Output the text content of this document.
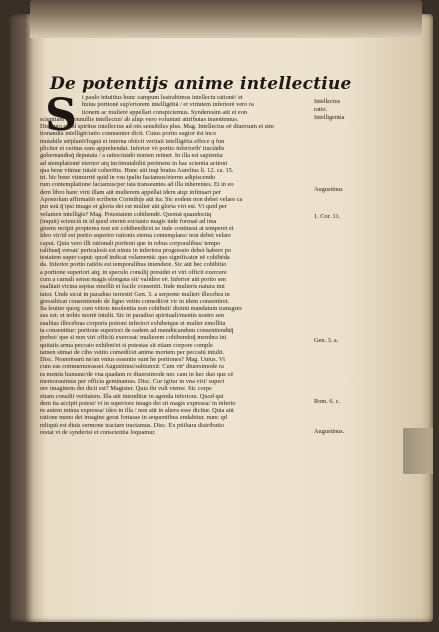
De potentijs anime intellectiue
S i paulo intuitius hunc campum lustrabimus intellectu rationē/ et
huius portionē sup'eriorem intelligētiā / et virtutem inferiorē vero ra
tionem ac mulierē appellari conspiciemus. Synderesim aūt et eon
scientiam a nonnullis intellectui/ ab aliqs vero voluntati attributas inueniemus.
Dic ergo quod spiritus intellectus ad oēs sensibiles plus. Mag. Intellectus eē diuersum et sim
tionandia intelligit/ratio connuenter dicit. Cuius portio sugior ēst inco
mutabile stēplanō/fugnā et interna obiicit veritati intelligētia effece q fun
pliciter et certius eam apprehendat. Inferior vō portio inferiorib' tractādis
gubernandisq̄ deputata / a ratiocinādo nomen retinet. In illa est sapientia
ad stemplationē eternor atq incōmutabiliū pertinens in hac scientia actioni
qua bene vtimur trāsiē coherētis. Hunc aūt inqt bratus Aurelius li. 12. ca. 15.
tri. hic bene vtimurrtē quid in vsu tpaliu faciamus/eterno adipiscendo
rum contemplatione faciamus/per ista transeuntes ad illa inherentes. Et in eo
dem libro hanc virū illam aūt mulierem appellat idem atqz infinuari per
Apostolum affirmatiō scribens Corinthijs aūt ita: Sīc eodem non debet velare ca
put suū q̄ ipsi imago et gloria dei est mulier aūt gloria viri est. Vt quid per
velamen intelligis? Mag. Potestatem cohibendē. Quomā quandocūq
(inquit) scienciā in id quod eternū est/tanto magis inde formaē ad ima
ginem recipit propterea non est cohibendū/et se inde contineat at temperet et
Ideo vir/id est portio superior rationis eterna contemplans/ non debet velare
caput. Quia vero illi rationali portioni que in rebus corporalibus/ tempo
ralibusq̄ versat/ periculosū est nimis in inferiora progressio debet habere po
testatem super caput: quod indicat velamentū: quo significatur eē cohibēda
da. Inferior portio ratiōis est temporalibus intendere. Sic aūt hec cohibitio
a portione superiori atq; in speculo consilij presidet et viri officii exercere
cum a carnali sensu magis elongata sit/ validior eē. Inferior aūt portio sen
sualitati vicina sepius emollit et facile consentit. Inde mulieris natura imi
tator. Unde sicut in paradiso terrestri Gen. 3. a serpente mulieri illecebra in
gressibicat consentiendo de ligno vetito comedit/et vir in idem consentiret.
Ita leuiter quoq; cum vētois insolentia non cohibuit/ diuinū mandatum transgres
sus est: et nobis mortē intulit. Sic in paradiso spirituali/mentis nostre sen
sualitas illecebras corporis potioni inferiori exhibetque et mulier emollita
ta consentitur: portione superiori de eadem ad mandūcandum consentiendūq̄
prebet/ que si non viri officiū exerceat/ mulierem cohibendoq̄ membra ini
quitatis arma peccato exhibet/et si potestas sit etiam corpore comple
tamen sūmat de cibo vetito comedit/et anime mortem per peccatū intulit.
Disc. Nouerēsarū ne/an vnius essentie sunt he portiones? Mag. Unius. Vt
cum eas commemorasset Augustinus/subiunxit: Cum vtr' diuersimode ra
ra mentis humane/de vna quadam re diuersimode nec cam in hec duo que cē
memorauimus per officia geminamus. Disc. Cur igitur in vna viri/ superi
ore imaginem dei dicit est? Magister. Quia ibi vult vteme. Sic corpe
etiam consilii veritatem. Illa aūt intenditur in agenda inferiora. Quod qui
dem ita accipit potest/ vt in superiore imago dei sit magis expressa/ in inferio
re autem minus expressa/ ideo in illa / non aūt in altera esse dicitur. Quia aūt
ratione meno dei imagine gerat fortasse in sequentibus endabitur. nunc qd
reliquū est diuis sermone tractare tractamus. Disc. Ex ptiibara distributio
restat vt de synderisi et conscientia loquamur.
Intellectus
ratio.
Intelligentia
Augustinus
1. Cor. 11.
Gen. 3. a.
Rom. 6. c.
Augustinus.
